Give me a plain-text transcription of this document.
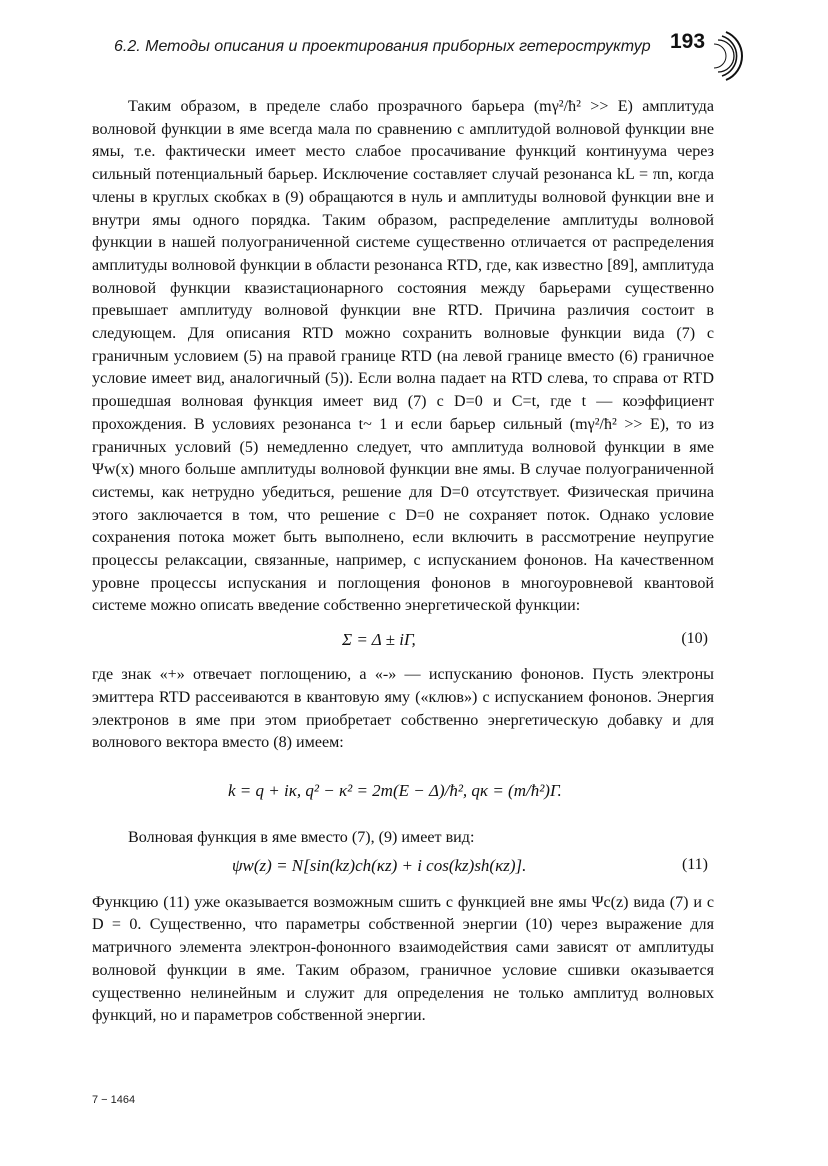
6.2. Методы описания и проектирования приборных гетероструктур 193

Таким образом, в пределе слабо прозрачного барьера (mγ²/ħ² >> E) амплитуда волновой функции в яме всегда мала по сравнению с амплитудой волновой функции вне ямы, т.е. фактически имеет место слабое просачивание функций континуума через сильный потенциальный барьер. Исключение составляет случай резонанса kL = πn, когда члены в круглых скобках в (9) обращаются в нуль и амплитуды волновой функции вне и внутри ямы одного порядка. Таким образом, распределение амплитуды волновой функции в нашей полуограниченной системе существенно отличается от распределения амплитуды волновой функции в области резонанса RTD, где, как известно [89], амплитуда волновой функции квазистационарного состояния между барьерами существенно превышает амплитуду волновой функции вне RTD. Причина различия состоит в следующем. Для описания RTD можно сохранить волновые функции вида (7) с граничным условием (5) на правой границе RTD (на левой границе вместо (6) граничное условие имеет вид, аналогичный (5)). Если волна падает на RTD слева, то справа от RTD прошедшая волновая функция имеет вид (7) с D=0 и C=t, где t — коэффициент прохождения. В условиях резонанса t~ 1 и если барьер сильный (mγ²/ħ² >> E), то из граничных условий (5) немедленно следует, что амплитуда волновой функции в яме Ψw(x) много больше амплитуды волновой функции вне ямы. В случае полуограниченной системы, как нетрудно убедиться, решение для D=0 отсутствует. Физическая причина этого заключается в том, что решение с D=0 не сохраняет поток. Однако условие сохранения потока может быть выполнено, если включить в рассмотрение неупругие процессы релаксации, связанные, например, с испусканием фононов. На качественном уровне процессы испускания и поглощения фононов в многоуровневой квантовой системе можно описать введение собственно энергетической функции:

Σ = Δ ± iΓ,	(10)

где знак «+» отвечает поглощению, а «-» — испусканию фононов. Пусть электроны эмиттера RTD рассеиваются в квантовую яму («клюв») с испусканием фононов. Энергия электронов в яме при этом приобретает собственно энергетическую добавку и для волнового вектора вместо (8) имеем:

k = q + iκ, q² − κ² = 2m(E − Δ)/ħ², qκ = (m/ħ²)Γ.

Волновая функция в яме вместо (7), (9) имеет вид:

ψw(z) = N[sin(kz)ch(κz) + i cos(kz)sh(κz)].	(11)

Функцию (11) уже оказывается возможным сшить с функцией вне ямы Ψc(z) вида (7) и с D = 0. Существенно, что параметры собственной энергии (10) через выражение для матричного элемента электрон-фононного взаимодействия сами зависят от амплитуды волновой функции в яме. Таким образом, граничное условие сшивки оказывается существенно нелинейным и служит для определения не только амплитуд волновых функций, но и параметров собственной энергии.

7 − 1464
